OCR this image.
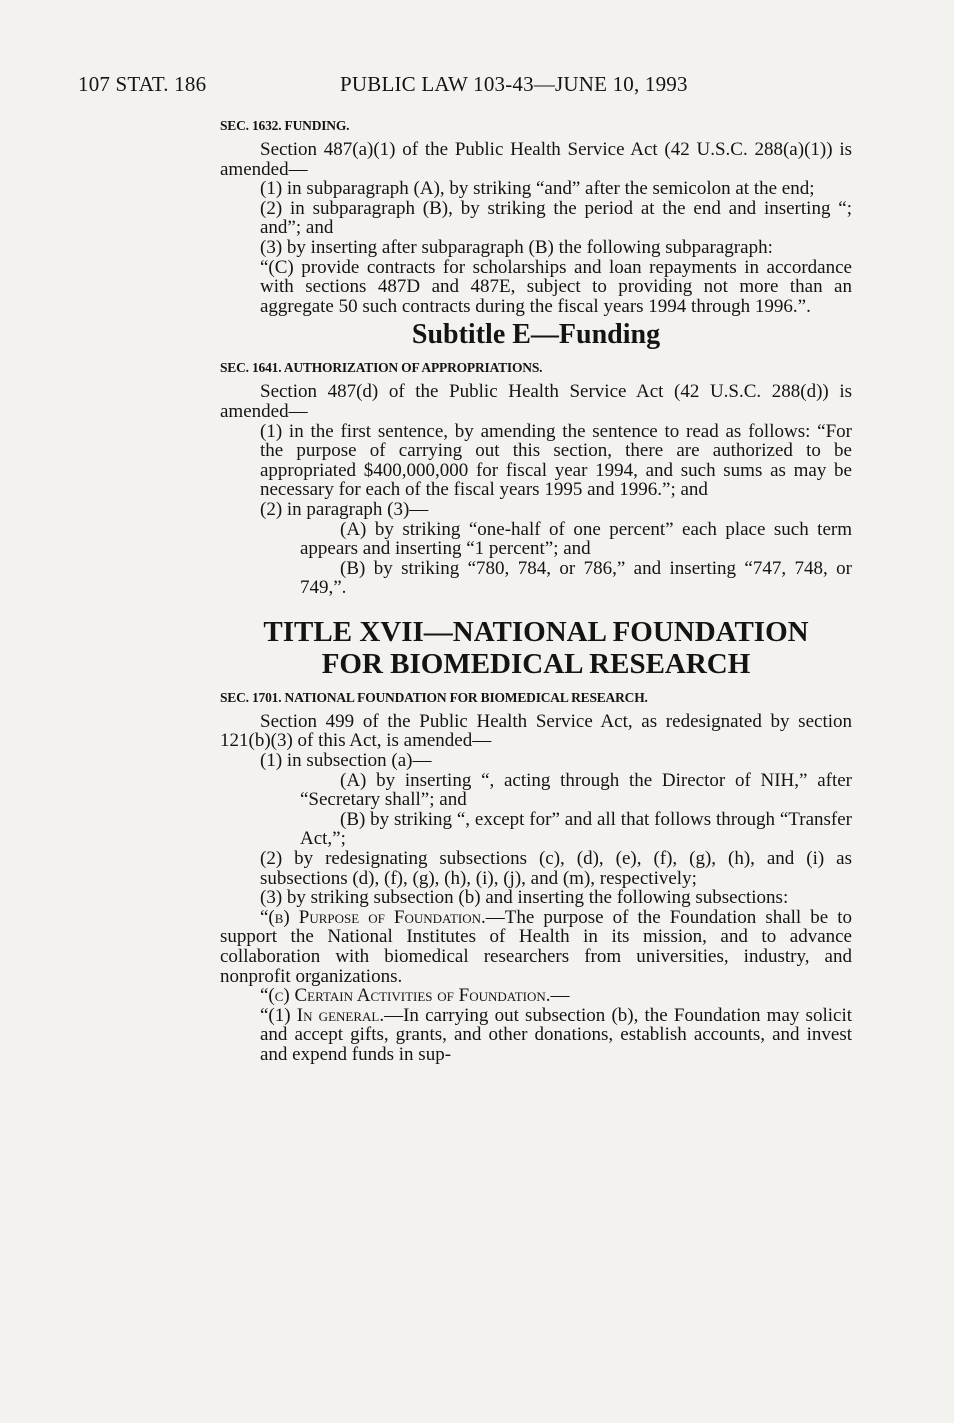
107 STAT. 186	PUBLIC LAW 103-43—JUNE 10, 1993
SEC. 1632. FUNDING.

Section 487(a)(1) of the Public Health Service Act (42 U.S.C. 288(a)(1)) is amended—

(1) in subparagraph (A), by striking “and” after the semicolon at the end;

(2) in subparagraph (B), by striking the period at the end and inserting “; and”; and

(3) by inserting after subparagraph (B) the following subparagraph:

“(C) provide contracts for scholarships and loan repayments in accordance with sections 487D and 487E, subject to providing not more than an aggregate 50 such contracts during the fiscal years 1994 through 1996.”.

Subtitle E—Funding
SEC. 1641. AUTHORIZATION OF APPROPRIATIONS.

Section 487(d) of the Public Health Service Act (42 U.S.C. 288(d)) is amended—

(1) in the first sentence, by amending the sentence to read as follows: “For the purpose of carrying out this section, there are authorized to be appropriated $400,000,000 for fiscal year 1994, and such sums as may be necessary for each of the fiscal years 1995 and 1996.”; and

(2) in paragraph (3)—

(A) by striking “one-half of one percent” each place such term appears and inserting “1 percent”; and

(B) by striking “780, 784, or 786,” and inserting “747, 748, or 749,”.

TITLE XVII—NATIONAL FOUNDATION
FOR BIOMEDICAL RESEARCH
SEC. 1701. NATIONAL FOUNDATION FOR BIOMEDICAL RESEARCH.

Section 499 of the Public Health Service Act, as redesignated by section 121(b)(3) of this Act, is amended—

(1) in subsection (a)—

(A) by inserting “, acting through the Director of NIH,” after “Secretary shall”; and

(B) by striking “, except for” and all that follows through “Transfer Act,”;

(2) by redesignating subsections (c), (d), (e), (f), (g), (h), and (i) as subsections (d), (f), (g), (h), (i), (j), and (m), respectively;

(3) by striking subsection (b) and inserting the following subsections:

“(b) Purpose of Foundation.—The purpose of the Foundation shall be to support the National Institutes of Health in its mission, and to advance collaboration with biomedical researchers from universities, industry, and nonprofit organizations.

“(c) Certain Activities of Foundation.—

“(1) In general.—In carrying out subsection (b), the Foundation may solicit and accept gifts, grants, and other donations, establish accounts, and invest and expend funds in sup-
